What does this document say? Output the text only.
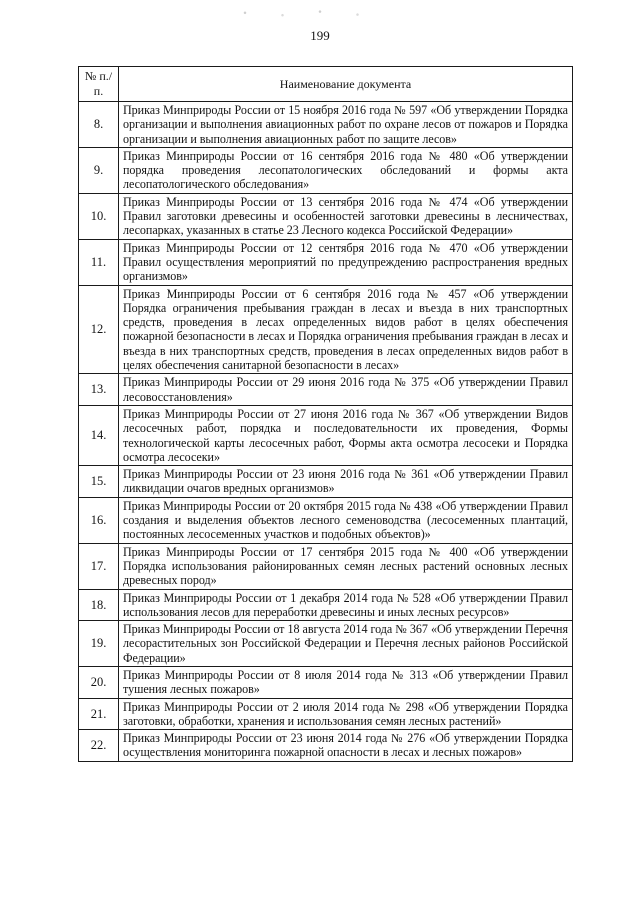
199
№ п./п.	Наименование документа
8.	Приказ Минприроды России от 15 ноября 2016 года № 597 «Об утверждении Порядка организации и выполнения авиационных работ по охране лесов от пожаров и Порядка организации и выполнения авиационных работ по защите лесов»
9.	Приказ Минприроды России от 16 сентября 2016 года № 480 «Об утверждении порядка проведения лесопатологических обследований и формы акта лесопатологического обследования»
10.	Приказ Минприроды России от 13 сентября 2016 года № 474 «Об утверждении Правил заготовки древесины и особенностей заготовки древесины в лесничествах, лесопарках, указанных в статье 23 Лесного кодекса Российской Федерации»
11.	Приказ Минприроды России от 12 сентября 2016 года № 470 «Об утверждении Правил осуществления мероприятий по предупреждению распространения вредных организмов»
12.	Приказ Минприроды России от 6 сентября 2016 года № 457 «Об утверждении Порядка ограничения пребывания граждан в лесах и въезда в них транспортных средств, проведения в лесах определенных видов работ в целях обеспечения пожарной безопасности в лесах и Порядка ограничения пребывания граждан в лесах и въезда в них транспортных средств, проведения в лесах определенных видов работ в целях обеспечения санитарной безопасности в лесах»
13.	Приказ Минприроды России от 29 июня 2016 года № 375 «Об утверждении Правил лесовосстановления»
14.	Приказ Минприроды России от 27 июня 2016 года № 367 «Об утверждении Видов лесосечных работ, порядка и последовательности их проведения, Формы технологической карты лесосечных работ, Формы акта осмотра лесосеки и Порядка осмотра лесосеки»
15.	Приказ Минприроды России от 23 июня 2016 года № 361 «Об утверждении Правил ликвидации очагов вредных организмов»
16.	Приказ Минприроды России от 20 октября 2015 года № 438 «Об утверждении Правил создания и выделения объектов лесного семеноводства (лесосеменных плантаций, постоянных лесосеменных участков и подобных объектов)»
17.	Приказ Минприроды России от 17 сентября 2015 года № 400 «Об утверждении Порядка использования районированных семян лесных растений основных лесных древесных пород»
18.	Приказ Минприроды России от 1 декабря 2014 года № 528 «Об утверждении Правил использования лесов для переработки древесины и иных лесных ресурсов»
19.	Приказ Минприроды России от 18 августа 2014 года № 367 «Об утверждении Перечня лесорастительных зон Российской Федерации и Перечня лесных районов Российской Федерации»
20.	Приказ Минприроды России от 8 июля 2014 года № 313 «Об утверждении Правил тушения лесных пожаров»
21.	Приказ Минприроды России от 2 июля 2014 года № 298 «Об утверждении Порядка заготовки, обработки, хранения и использования семян лесных растений»
22.	Приказ Минприроды России от 23 июня 2014 года № 276 «Об утверждении Порядка осуществления мониторинга пожарной опасности в лесах и лесных пожаров»
